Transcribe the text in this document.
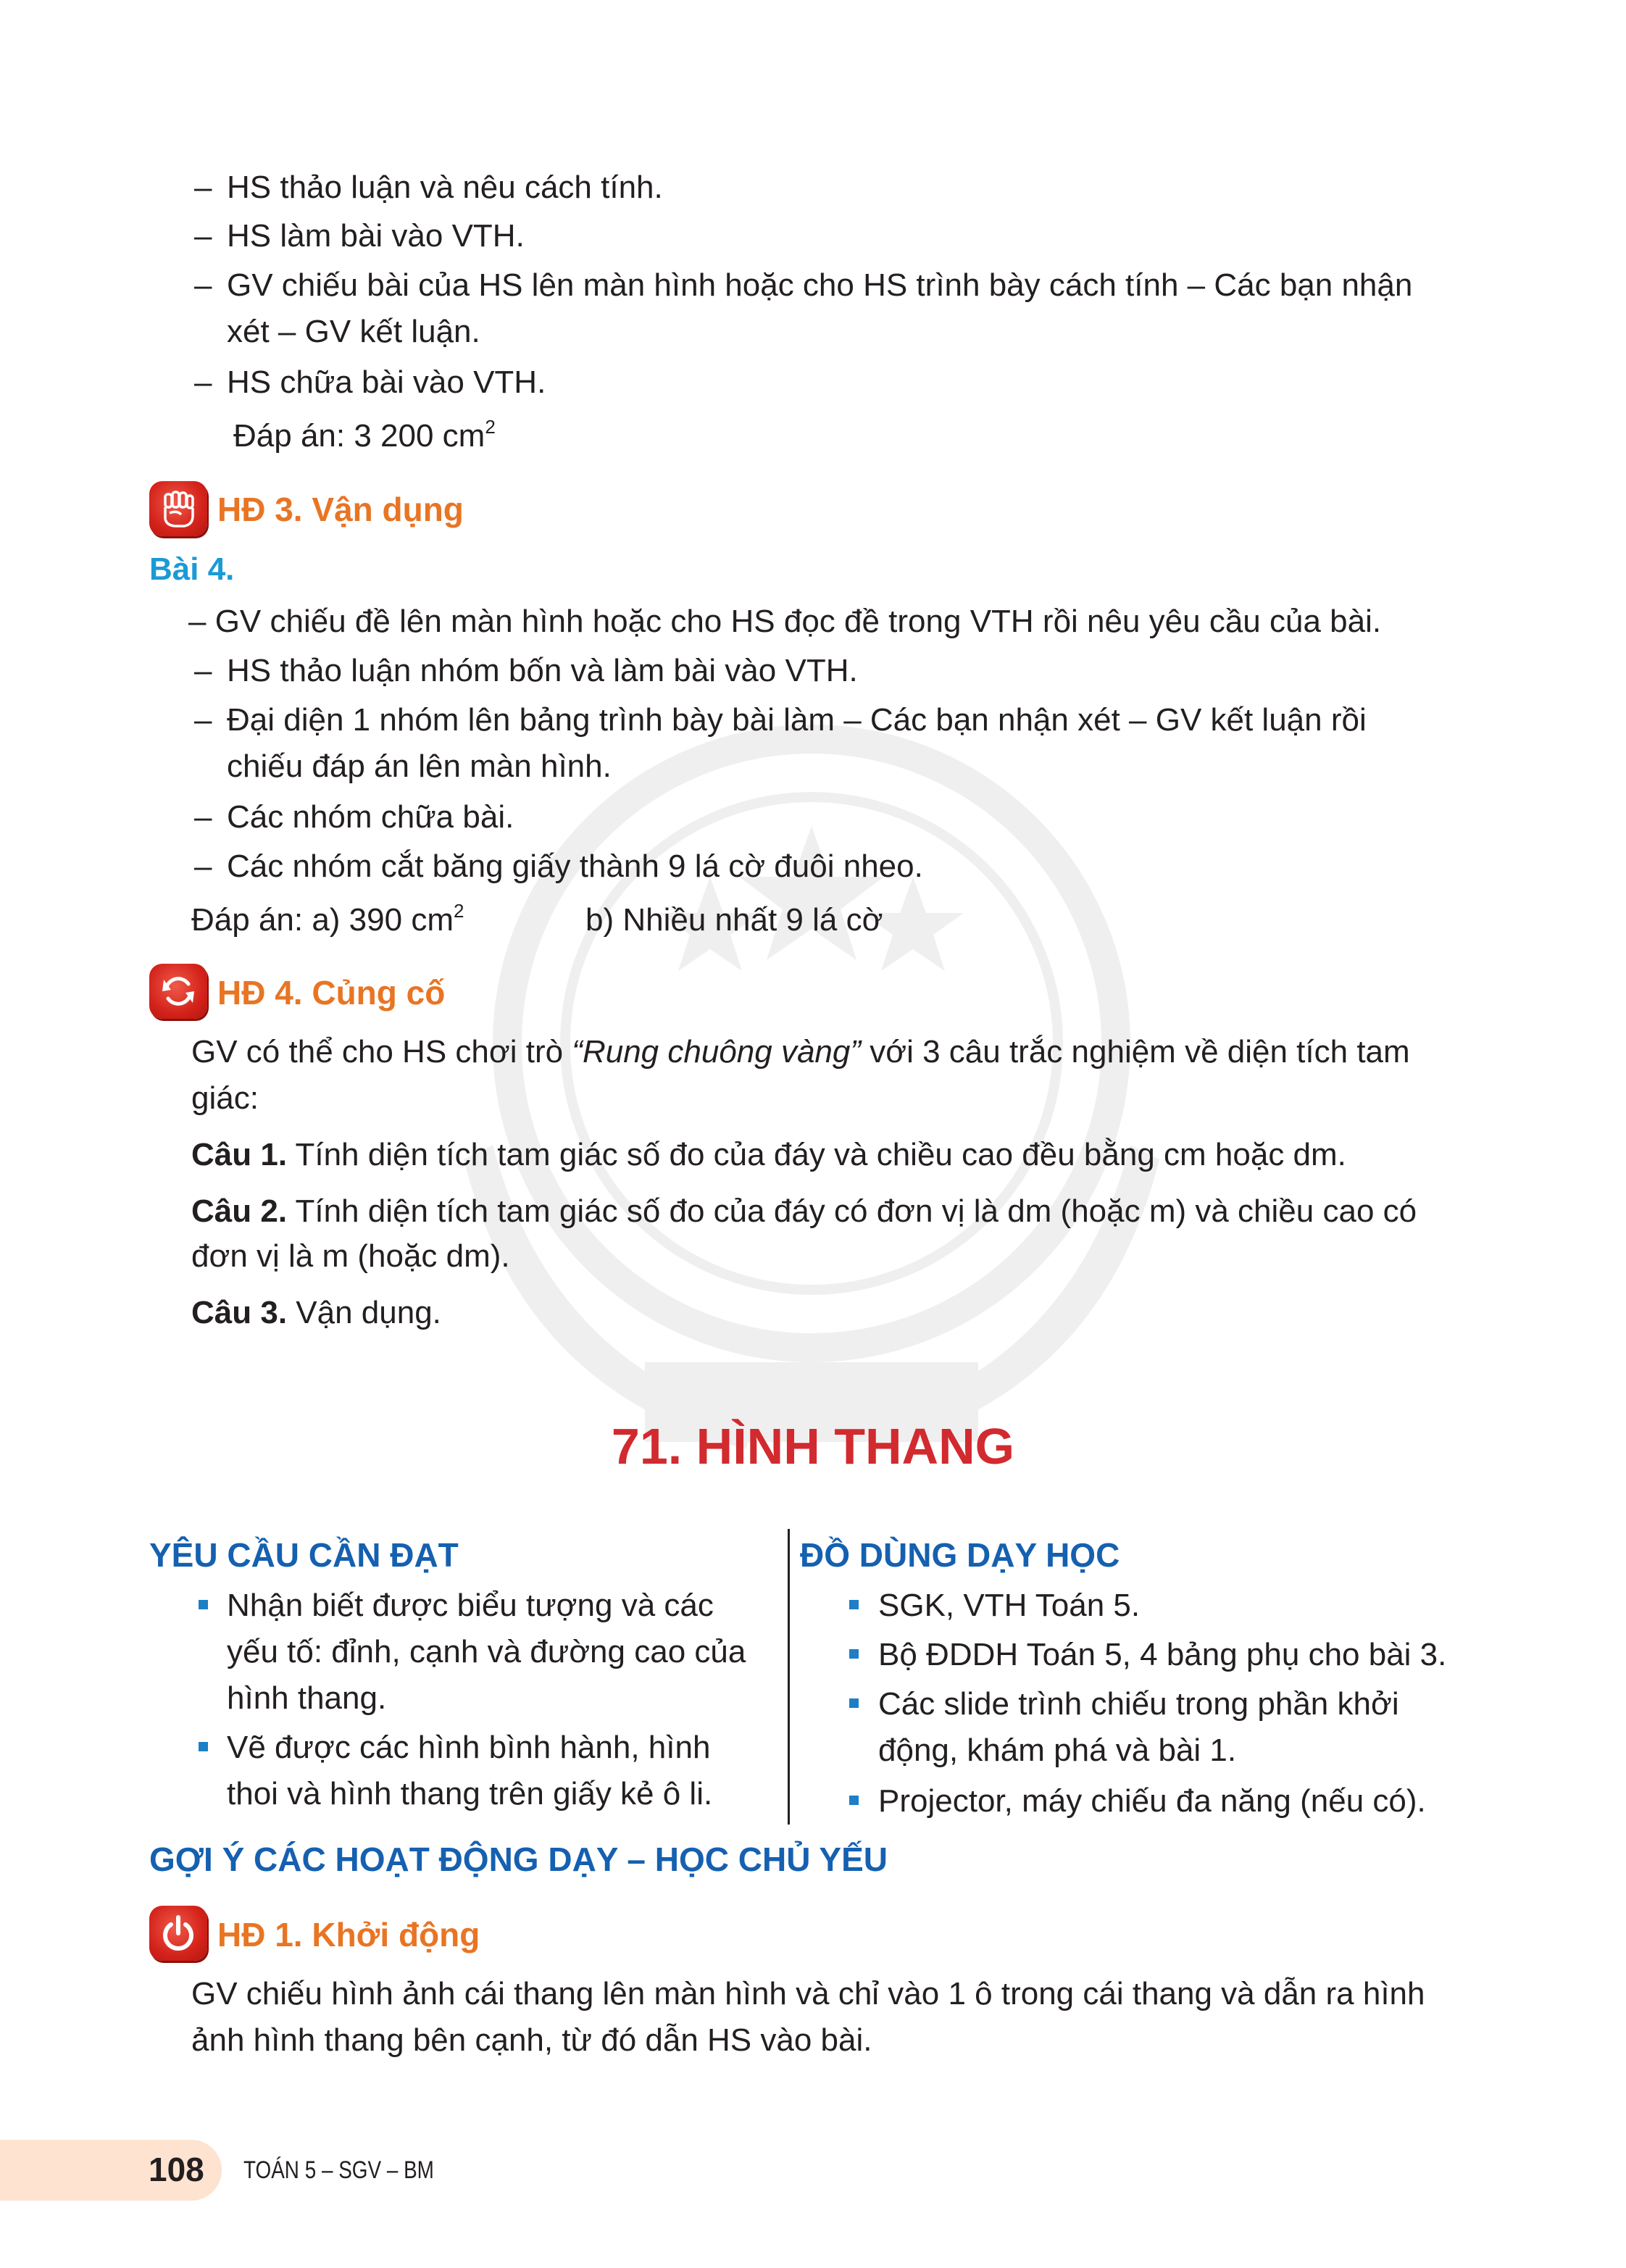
– HS thảo luận và nêu cách tính.
– HS làm bài vào VTH.
– GV chiếu bài của HS lên màn hình hoặc cho HS trình bày cách tính – Các bạn nhận
xét – GV kết luận.
– HS chữa bài vào VTH.
Đáp án: 3 200 $cm^2$
HĐ 3. Vận dụng
Bài 4.
– GV chiếu đề lên màn hình hoặc cho HS đọc đề trong VTH rồi nêu yêu cầu của bài.
– HS thảo luận nhóm bốn và làm bài vào VTH.
– Đại diện 1 nhóm lên bảng trình bày bài làm – Các bạn nhận xét – GV kết luận rồi
chiếu đáp án lên màn hình.
– Các nhóm chữa bài.
– Các nhóm cắt băng giấy thành 9 lá cờ đuôi nheo.
Đáp án: a) 390 $cm^2$	b) Nhiều nhất 9 lá cờ
HĐ 4. Củng cố
GV có thể cho HS chơi trò “Rung chuông vàng” với 3 câu trắc nghiệm về diện tích tam
giác:
Câu 1. Tính diện tích tam giác số đo của đáy và chiều cao đều bằng cm hoặc dm.
Câu 2. Tính diện tích tam giác số đo của đáy có đơn vị là dm (hoặc m) và chiều cao có
đơn vị là m (hoặc dm).
Câu 3. Vận dụng.
71. HÌNH THANG
YÊU CẦU CẦN ĐẠT
Nhận biết được biểu tượng và các
yếu tố: đỉnh, cạnh và đường cao của
hình thang.
Vẽ được các hình bình hành, hình
thoi và hình thang trên giấy kẻ ô li.
ĐỒ DÙNG DẠY HỌC
SGK, VTH Toán 5.
Bộ ĐDDH Toán 5, 4 bảng phụ cho bài 3.
Các slide trình chiếu trong phần khởi
động, khám phá và bài 1.
Projector, máy chiếu đa năng (nếu có).
GỢI Ý CÁC HOẠT ĐỘNG DẠY – HỌC CHỦ YẾU
HĐ 1. Khởi động
GV chiếu hình ảnh cái thang lên màn hình và chỉ vào 1 ô trong cái thang và dẫn ra hình
ảnh hình thang bên cạnh, từ đó dẫn HS vào bài.
108 TOÁN 5 – SGV – BM
